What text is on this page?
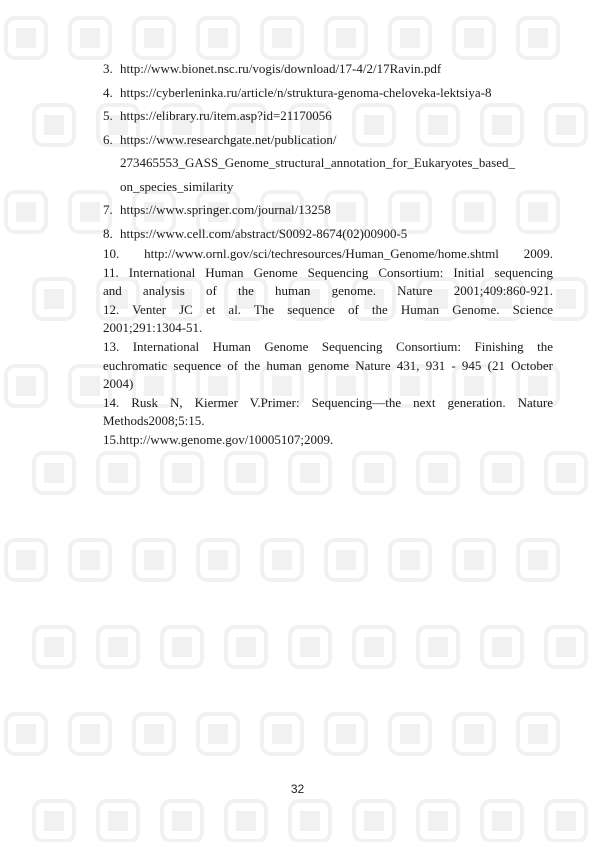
3. http://www.bionet.nsc.ru/vogis/download/17-4/2/17Ravin.pdf
4. https://cyberleninka.ru/article/n/struktura-genoma-cheloveka-lektsiya-8
5. https://elibrary.ru/item.asp?id=21170056
6. https://www.researchgate.net/publication/
273465553_GASS_Genome_structural_annotation_for_Eukaryotes_based_
on_species_similarity
7. https://www.springer.com/journal/13258
8. https://www.cell.com/abstract/S0092-8674(02)00900-5
10. http://www.ornl.gov/sci/techresources/Human_Genome/home.shtml 2009.
11. International Human Genome Sequencing Consortium: Initial sequencing
and analysis of the human genome. Nature 2001;409:860-921.
12. Venter JC et al. The sequence of the Human Genome. Science
2001;291:1304-51.
13. International Human Genome Sequencing Consortium: Finishing the
euchromatic sequence of the human genome Nature 431, 931 - 945 (21 October
2004)
14. Rusk N, Kiermer V.Primer: Sequencing—the next generation. Nature
Methods2008;5:15.
15.http://www.genome.gov/10005107;2009.
32
